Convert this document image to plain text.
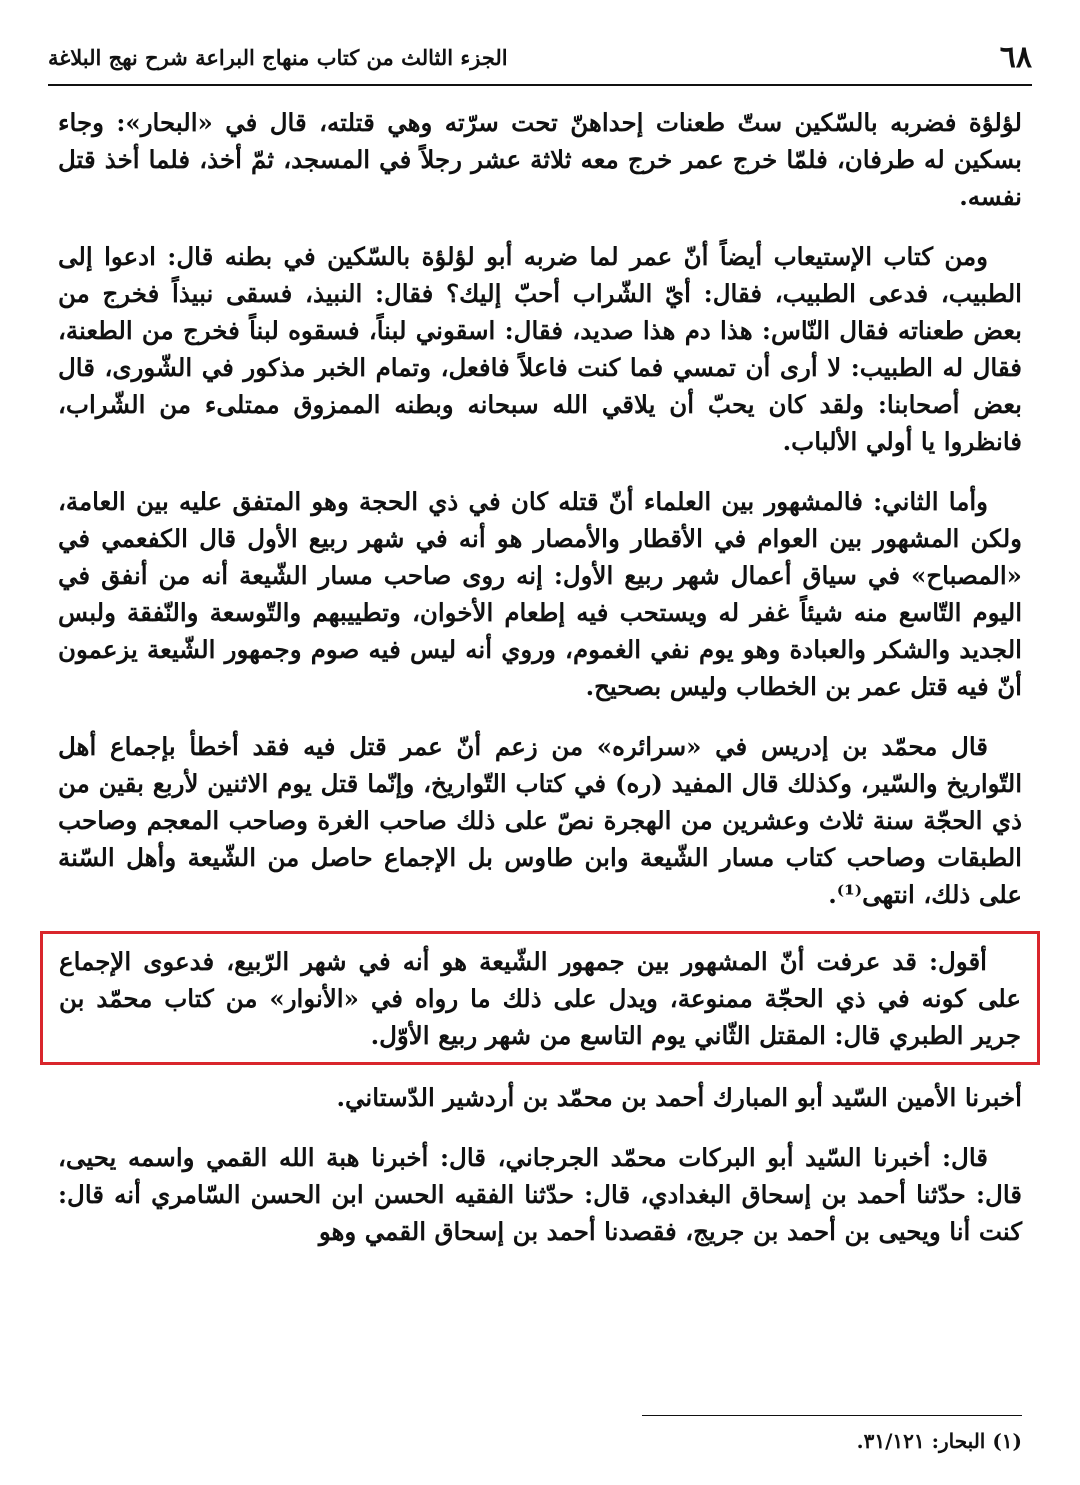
٦٨
الجزء الثالث من كتاب منهاج البراعة شرح نهج البلاغة

لؤلؤة فضربه بالسّكين ستّ طعنات إحداهنّ تحت سرّته وهي قتلته، قال في «البحار»: وجاء بسكين له طرفان، فلمّا خرج عمر خرج معه ثلاثة عشر رجلاً في المسجد، ثمّ أخذ، فلما أخذ قتل نفسه.

ومن كتاب الإستيعاب أيضاً أنّ عمر لما ضربه أبو لؤلؤة بالسّكين في بطنه قال: ادعوا إلى الطبيب، فدعى الطبيب، فقال: أيّ الشّراب أحبّ إليك؟ فقال: النبيذ، فسقى نبيذاً فخرج من بعض طعناته فقال النّاس: هذا دم هذا صديد، فقال: اسقوني لبناً، فسقوه لبناً فخرج من الطعنة، فقال له الطبيب: لا أرى أن تمسي فما كنت فاعلاً فافعل، وتمام الخبر مذكور في الشّورى، قال بعض أصحابنا: ولقد كان يحبّ أن يلاقي الله سبحانه وبطنه الممزوق ممتلىء من الشّراب، فانظروا يا أولي الألباب.

وأما الثاني: فالمشهور بين العلماء أنّ قتله كان في ذي الحجة وهو المتفق عليه بين العامة، ولكن المشهور بين العوام في الأقطار والأمصار هو أنه في شهر ربيع الأول قال الكفعمي في «المصباح» في سياق أعمال شهر ربيع الأول: إنه روى صاحب مسار الشّيعة أنه من أنفق في اليوم التّاسع منه شيئاً غفر له ويستحب فيه إطعام الأخوان، وتطييبهم والتّوسعة والنّفقة ولبس الجديد والشكر والعبادة وهو يوم نفي الغموم، وروي أنه ليس فيه صوم وجمهور الشّيعة يزعمون أنّ فيه قتل عمر بن الخطاب وليس بصحيح.

قال محمّد بن إدريس في «سرائره» من زعم أنّ عمر قتل فيه فقد أخطأ بإجماع أهل التّواريخ والسّير، وكذلك قال المفيد (ره) في كتاب التّواريخ، وإنّما قتل يوم الاثنين لأربع بقين من ذي الحجّة سنة ثلاث وعشرين من الهجرة نصّ على ذلك صاحب الغرة وصاحب المعجم وصاحب الطبقات وصاحب كتاب مسار الشّيعة وابن طاوس بل الإجماع حاصل من الشّيعة وأهل السّنة على ذلك، انتهى⁽¹⁾.

أقول: قد عرفت أنّ المشهور بين جمهور الشّيعة هو أنه في شهر الرّبيع، فدعوى الإجماع على كونه في ذي الحجّة ممنوعة، ويدل على ذلك ما رواه في «الأنوار» من كتاب محمّد بن جرير الطبري قال: المقتل الثّاني يوم التاسع من شهر ربيع الأوّل.

أخبرنا الأمين السّيد أبو المبارك أحمد بن محمّد بن أردشير الدّستاني.

قال: أخبرنا السّيد أبو البركات محمّد الجرجاني، قال: أخبرنا هبة الله القمي واسمه يحيى، قال: حدّثنا أحمد بن إسحاق البغدادي، قال: حدّثنا الفقيه الحسن ابن الحسن السّامري أنه قال: كنت أنا ويحيى بن أحمد بن جريج، فقصدنا أحمد بن إسحاق القمي وهو

(١) البحار: ٣١/١٢١.
